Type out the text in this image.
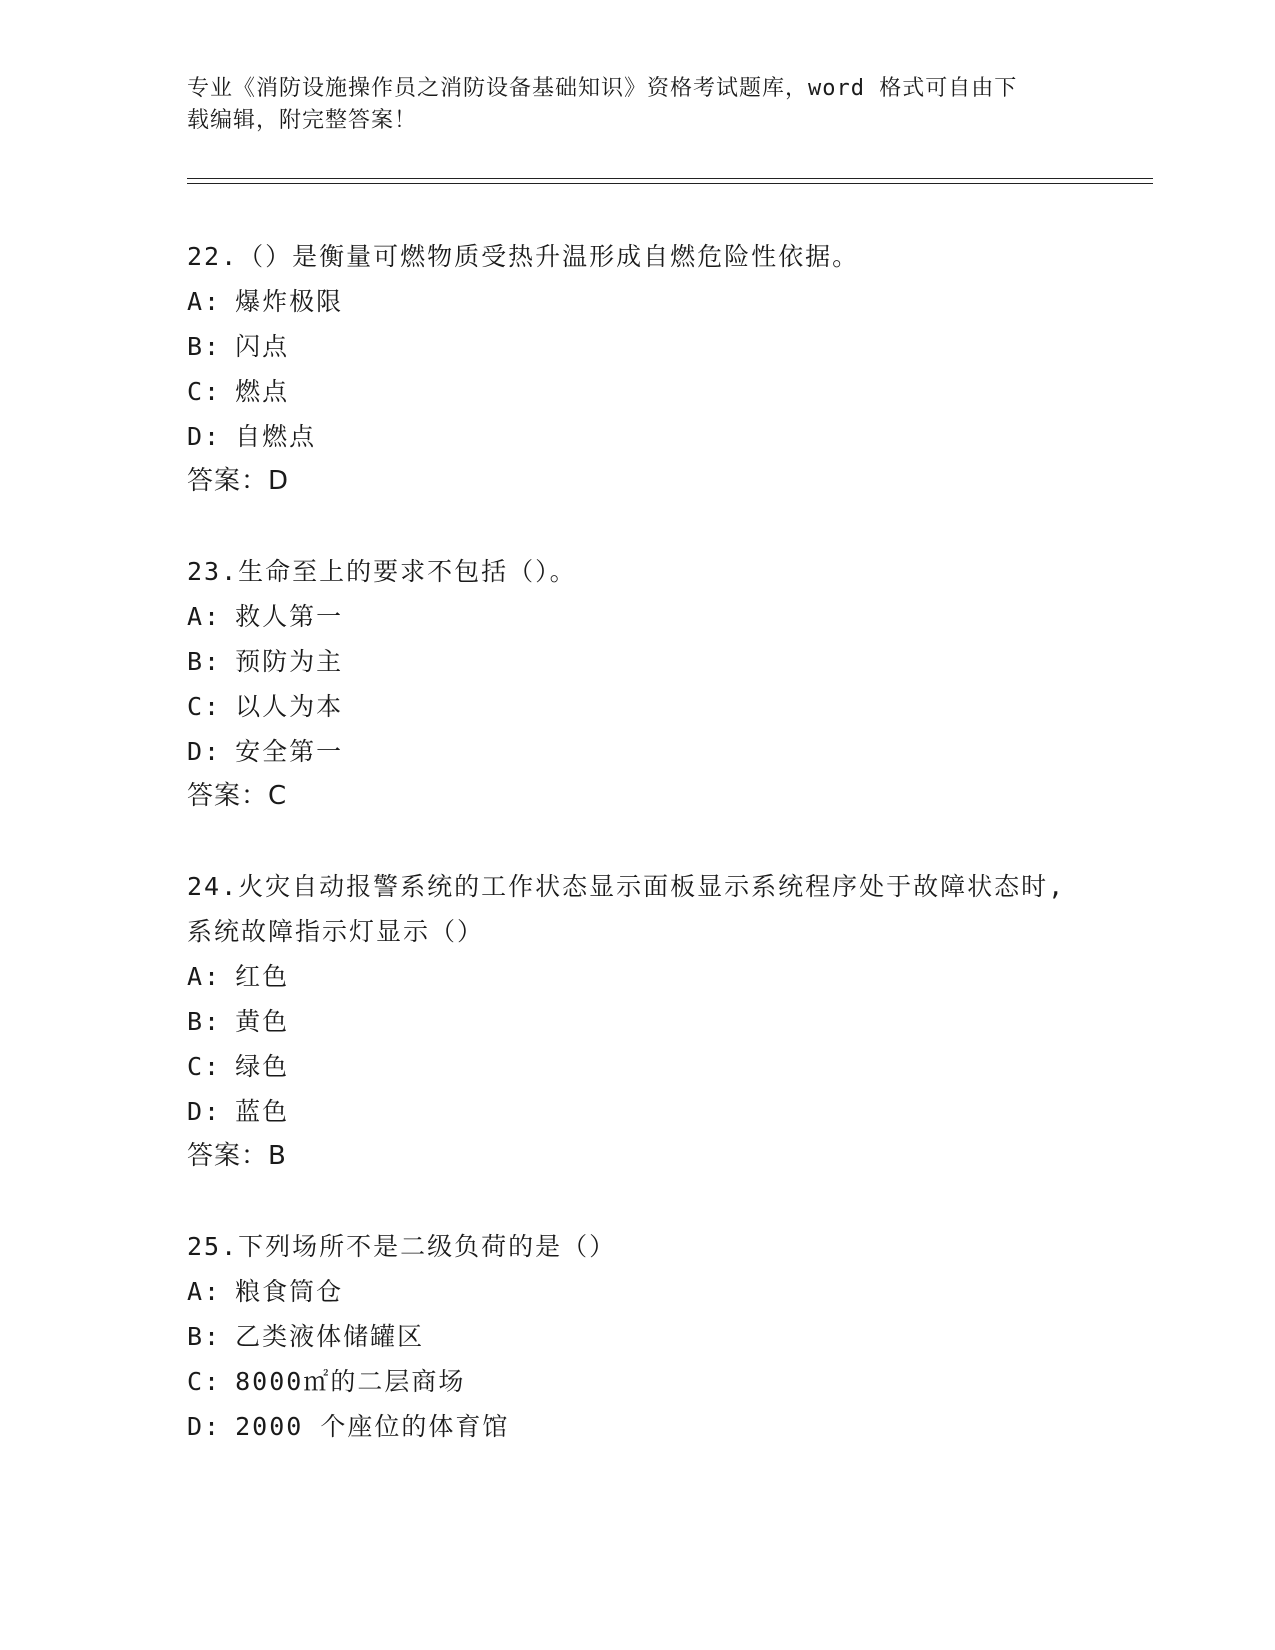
专业《消防设施操作员之消防设备基础知识》资格考试题库，word 格式可自由下
载编辑，附完整答案！
22.（）是衡量可燃物质受热升温形成自燃危险性依据。
A: 爆炸极限
B: 闪点
C: 燃点
D: 自燃点
答案：D
23.生命至上的要求不包括（）。
A: 救人第一
B: 预防为主
C: 以人为本
D: 安全第一
答案：C
24.火灾自动报警系统的工作状态显示面板显示系统程序处于故障状态时,系统故障指示灯显示（）
A: 红色
B: 黄色
C: 绿色
D: 蓝色
答案：B
25.下列场所不是二级负荷的是（）
A: 粮食筒仓
B: 乙类液体储罐区
C: 8000㎡的二层商场
D: 2000 个座位的体育馆
